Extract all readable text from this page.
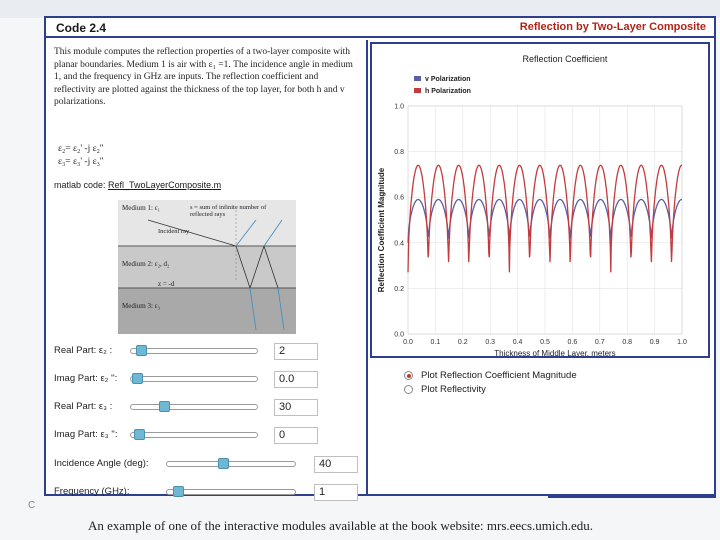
C
Code 2.4	Reflection by Two-Layer Composite
This module computes the reflection properties of a two-layer composite with planar boundaries. Medium 1 is air with ε₁ =1. The incidence angle in medium 1, and the frequency in GHz are inputs. The reflection coefficient and reflectivity are plotted against the thickness of the top layer, for both h and v polarizations.
ε₂= ε₂' -j ε₂''
ε₃= ε₃' -j ε₃''
matlab code: Refl_TwoLayerComposite.m
Medium 1: ε₁	s = sum of infinite number of reflected rays
Incident ray
Medium 2: ε₂, d₂
z = -d
Medium 3: ε₃
Real Part: ε₂ :	2
Imag Part: ε₂ '':	0.0
Real Part: ε₃ :	30
Imag Part: ε₃ '':	0
Incidence Angle (deg):	40
Frequency (GHz):	1
0.0	0.1	0.2	0.3	0.4	0.5	0.6	0.7	0.8	0.9	1.0
0.0
0.2
0.4
0.6
0.8
1.0
Reflection Coefficient
Thickness of Middle Layer, meters
Reflection Coefficient Magnitude
v Polarization
h Polarization
Plot Reflection Coefficient Magnitude
Plot Reflectivity
An example of one of the interactive modules available at the book website: mrs.eecs.umich.edu.
